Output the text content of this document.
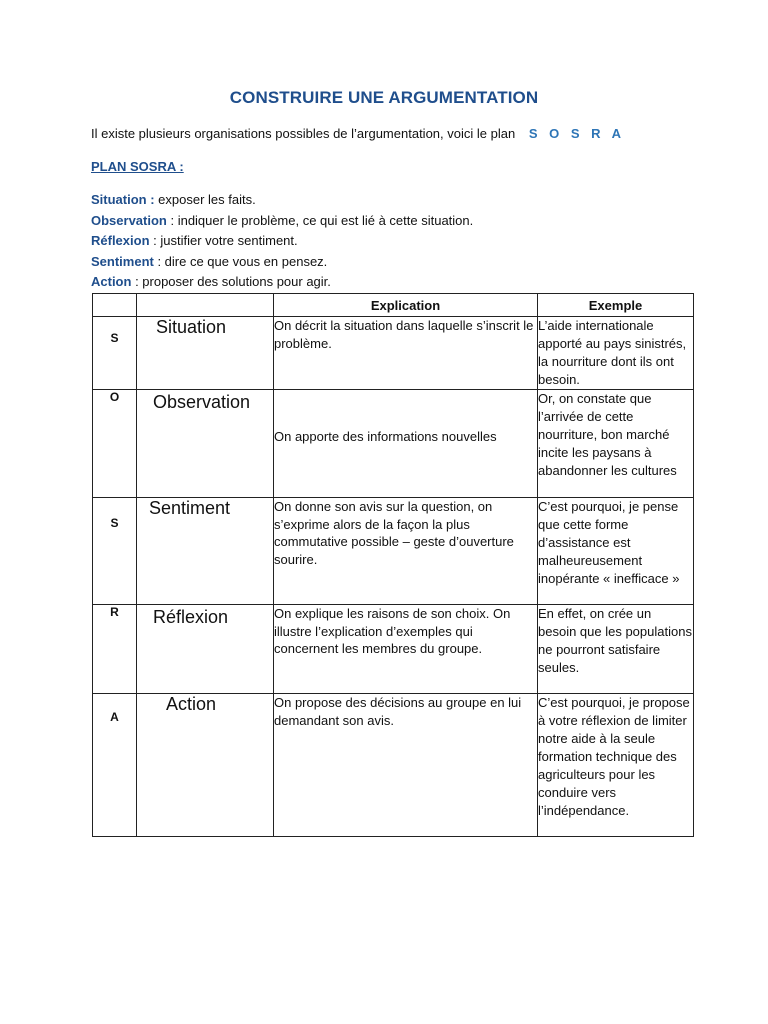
CONSTRUIRE UNE ARGUMENTATION
Il existe plusieurs organisations possibles de l’argumentation, voici le plan S O S R A
PLAN SOSRA :
Situation : exposer les faits.
Observation : indiquer le problème, ce qui est lié à cette situation.
Réflexion : justifier votre sentiment.
Sentiment : dire ce que vous en pensez.
Action : proposer des solutions pour agir.
		Explication	Exemple
S	Situation	On décrit la situation dans laquelle s’inscrit le problème.	L’aide internationale apporté au pays sinistrés, la nourriture dont ils ont besoin.
O	Observation	On apporte des informations nouvelles	Or, on constate que l’arrivée de cette nourriture, bon marché incite les paysans à abandonner les cultures
S	Sentiment	On donne son avis sur la question, on s’exprime alors de la façon la plus commutative possible – geste d’ouverture sourire.	C’est pourquoi, je pense que cette forme d’assistance est malheureusement inopérante « inefficace »
R	Réflexion	On explique les raisons de son choix. On illustre l’explication d’exemples qui concernent les membres du groupe.	En effet, on crée un besoin que les populations ne pourront satisfaire seules.
A	Action	On propose des décisions au groupe en lui demandant son avis.	C’est pourquoi, je propose à votre réflexion de limiter notre aide à la seule formation technique des agriculteurs pour les conduire vers l’indépendance.
